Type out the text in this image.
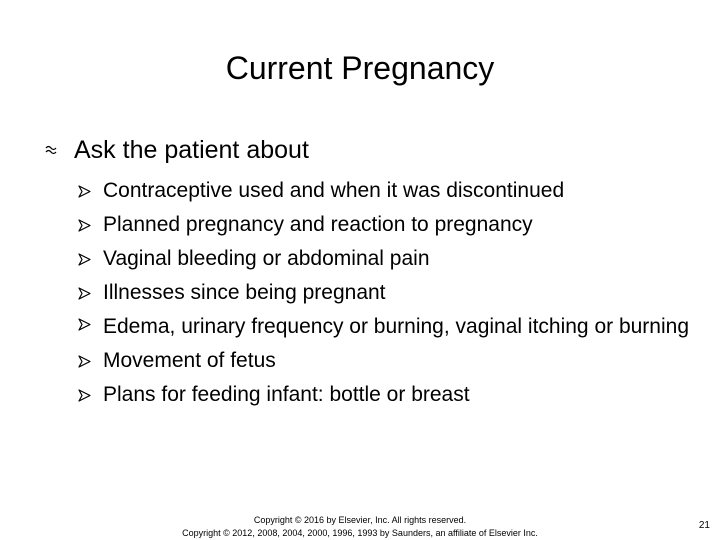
Current Pregnancy
Ask the patient about
Contraceptive used and when it was discontinued
Planned pregnancy and reaction to pregnancy
Vaginal bleeding or abdominal pain
Illnesses since being pregnant
Edema, urinary frequency or burning, vaginal itching or burning
Movement of fetus
Plans for feeding infant: bottle or breast
Copyright © 2016 by Elsevier, Inc. All rights reserved.
Copyright © 2012, 2008, 2004, 2000, 1996, 1993 by Saunders, an affiliate of Elsevier Inc.
21
